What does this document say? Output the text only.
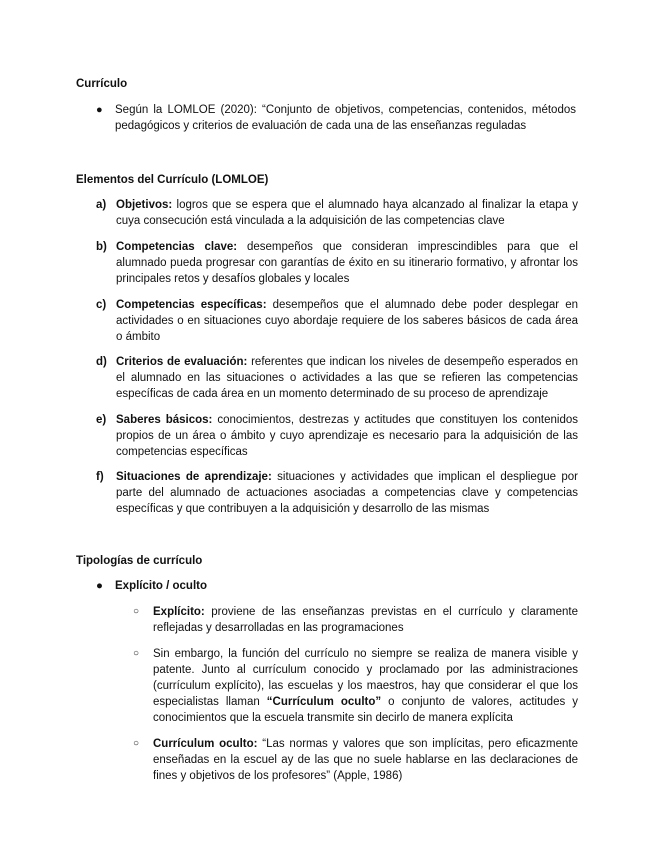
Currículo
● Según la LOMLOE (2020): “Conjunto de objetivos, competencias, contenidos, métodos pedagógicos y criterios de evaluación de cada una de las enseñanzas reguladas
Elementos del Currículo (LOMLOE)
a) Objetivos: logros que se espera que el alumnado haya alcanzado al finalizar la etapa y cuya consecución está vinculada a la adquisición de las competencias clave
b) Competencias clave: desempeños que consideran imprescindibles para que el alumnado pueda progresar con garantías de éxito en su itinerario formativo, y afrontar los principales retos y desafíos globales y locales
c) Competencias específicas: desempeños que el alumnado debe poder desplegar en actividades o en situaciones cuyo abordaje requiere de los saberes básicos de cada área o ámbito
d) Criterios de evaluación: referentes que indican los niveles de desempeño esperados en el alumnado en las situaciones o actividades a las que se refieren las competencias específicas de cada área en un momento determinado de su proceso de aprendizaje
e) Saberes básicos: conocimientos, destrezas y actitudes que constituyen los contenidos propios de un área o ámbito y cuyo aprendizaje es necesario para la adquisición de las competencias específicas
f) Situaciones de aprendizaje: situaciones y actividades que implican el despliegue por parte del alumnado de actuaciones asociadas a competencias clave y competencias específicas y que contribuyen a la adquisición y desarrollo de las mismas
Tipologías de currículo
● Explícito / oculto
○ Explícito: proviene de las enseñanzas previstas en el currículo y claramente reflejadas y desarrolladas en las programaciones
○ Sin embargo, la función del currículo no siempre se realiza de manera visible y patente. Junto al currículum conocido y proclamado por las administraciones (currículum explícito), las escuelas y los maestros, hay que considerar el que los especialistas llaman “Currículum oculto” o conjunto de valores, actitudes y conocimientos que la escuela transmite sin decirlo de manera explícita
○ Currículum oculto: “Las normas y valores que son implícitas, pero eficazmente enseñadas en la escuel ay de las que no suele hablarse en las declaraciones de fines y objetivos de los profesores” (Apple, 1986)
